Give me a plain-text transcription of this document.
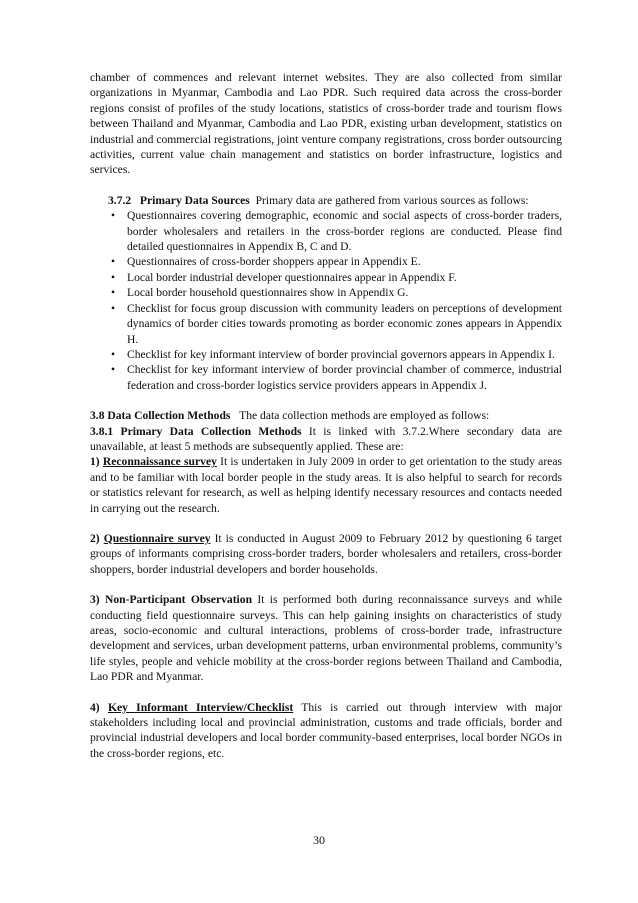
chamber of commences and relevant internet websites. They are also collected from similar organizations in Myanmar, Cambodia and Lao PDR. Such required data across the cross-border regions consist of profiles of the study locations, statistics of cross-border trade and tourism flows between Thailand and Myanmar, Cambodia and Lao PDR, existing urban development, statistics on industrial and commercial registrations, joint venture company registrations, cross border outsourcing activities, current value chain management and statistics on border infrastructure, logistics and services.

3.7.2 Primary Data Sources Primary data are gathered from various sources as follows:

• Questionnaires covering demographic, economic and social aspects of cross-border traders, border wholesalers and retailers in the cross-border regions are conducted. Please find detailed questionnaires in Appendix B, C and D.
• Questionnaires of cross-border shoppers appear in Appendix E.
• Local border industrial developer questionnaires appear in Appendix F.
• Local border household questionnaires show in Appendix G.
• Checklist for focus group discussion with community leaders on perceptions of development dynamics of border cities towards promoting as border economic zones appears in Appendix H.
• Checklist for key informant interview of border provincial governors appears in Appendix I.
• Checklist for key informant interview of border provincial chamber of commerce, industrial federation and cross-border logistics service providers appears in Appendix J.

3.8 Data Collection Methods The data collection methods are employed as follows:

3.8.1 Primary Data Collection Methods It is linked with 3.7.2.Where secondary data are unavailable, at least 5 methods are subsequently applied. These are:

1) Reconnaissance survey It is undertaken in July 2009 in order to get orientation to the study areas and to be familiar with local border people in the study areas. It is also helpful to search for records or statistics relevant for research, as well as helping identify necessary resources and contacts needed in carrying out the research.

2) Questionnaire survey It is conducted in August 2009 to February 2012 by questioning 6 target groups of informants comprising cross-border traders, border wholesalers and retailers, cross-border shoppers, border industrial developers and border households.

3) Non-Participant Observation It is performed both during reconnaissance surveys and while conducting field questionnaire surveys. This can help gaining insights on characteristics of study areas, socio-economic and cultural interactions, problems of cross-border trade, infrastructure development and services, urban development patterns, urban environmental problems, community’s life styles, people and vehicle mobility at the cross-border regions between Thailand and Cambodia, Lao PDR and Myanmar.

4) Key Informant Interview/Checklist This is carried out through interview with major stakeholders including local and provincial administration, customs and trade officials, border and provincial industrial developers and local border community-based enterprises, local border NGOs in the cross-border regions, etc.

30
